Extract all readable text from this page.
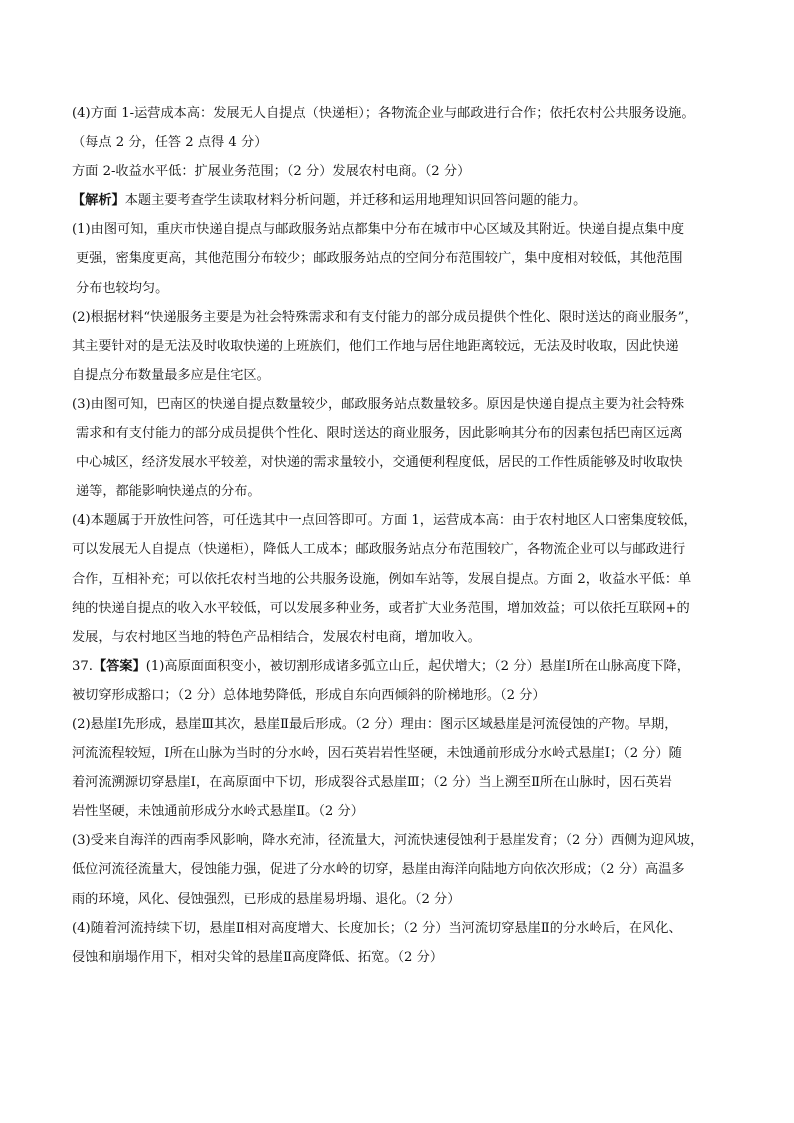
(4)方面 1-运营成本高：发展无人自提点（快递柜）；各物流企业与邮政进行合作；依托农村公共服务设施。
（每点 2 分，任答 2 点得 4 分）
方面 2-收益水平低：扩展业务范围；（2 分）发展农村电商。（2 分）
【解析】本题主要考查学生读取材料分析问题，并迁移和运用地理知识回答问题的能力。
(1)由图可知，重庆市快递自提点与邮政服务站点都集中分布在城市中心区域及其附近。快递自提点集中度
更强，密集度更高，其他范围分布较少；邮政服务站点的空间分布范围较广，集中度相对较低，其他范围
分布也较均匀。
(2)根据材料“快递服务主要是为社会特殊需求和有支付能力的部分成员提供个性化、限时送达的商业服务”，
其主要针对的是无法及时收取快递的上班族们，他们工作地与居住地距离较远，无法及时收取，因此快递
自提点分布数量最多应是住宅区。
(3)由图可知，巴南区的快递自提点数量较少，邮政服务站点数量较多。原因是快递自提点主要为社会特殊
需求和有支付能力的部分成员提供个性化、限时送达的商业服务，因此影响其分布的因素包括巴南区远离
中心城区，经济发展水平较差，对快递的需求量较小，交通便利程度低，居民的工作性质能够及时收取快
递等，都能影响快递点的分布。
(4)本题属于开放性问答，可任选其中一点回答即可。方面 1，运营成本高：由于农村地区人口密集度较低，
可以发展无人自提点（快递柜），降低人工成本；邮政服务站点分布范围较广，各物流企业可以与邮政进行
合作，互相补充；可以依托农村当地的公共服务设施，例如车站等，发展自提点。方面 2，收益水平低：单
纯的快递自提点的收入水平较低，可以发展多种业务，或者扩大业务范围，增加效益；可以依托互联网+的
发展，与农村地区当地的特色产品相结合，发展农村电商，增加收入。
37.【答案】(1)高原面面积变小，被切割形成诸多弧立山丘，起伏增大；（2 分）悬崖Ⅰ所在山脉高度下降，
被切穿形成豁口；（2 分）总体地势降低，形成自东向西倾斜的阶梯地形。（2 分）
(2)悬崖Ⅰ先形成，悬崖Ⅲ其次，悬崖Ⅱ最后形成。（2 分）理由：图示区域悬崖是河流侵蚀的产物。早期，
河流流程较短，Ⅰ所在山脉为当时的分水岭，因石英岩岩性坚硬，未蚀通前形成分水岭式悬崖Ⅰ；（2 分）随
着河流溯源切穿悬崖Ⅰ，在高原面中下切，形成裂谷式悬崖Ⅲ；（2 分）当上溯至Ⅱ所在山脉时，因石英岩
岩性坚硬，未蚀通前形成分水岭式悬崖Ⅱ。（2 分）
(3)受来自海洋的西南季风影响，降水充沛，径流量大，河流快速侵蚀利于悬崖发育；（2 分）西侧为迎风坡，
低位河流径流量大，侵蚀能力强，促进了分水岭的切穿，悬崖由海洋向陆地方向依次形成；（2 分）高温多
雨的环境，风化、侵蚀强烈，已形成的悬崖易坍塌、退化。（2 分）
(4)随着河流持续下切，悬崖Ⅱ相对高度增大、长度加长；（2 分）当河流切穿悬崖Ⅱ的分水岭后，在风化、
侵蚀和崩塌作用下，相对尖耸的悬崖Ⅱ高度降低、拓宽。（2 分）
